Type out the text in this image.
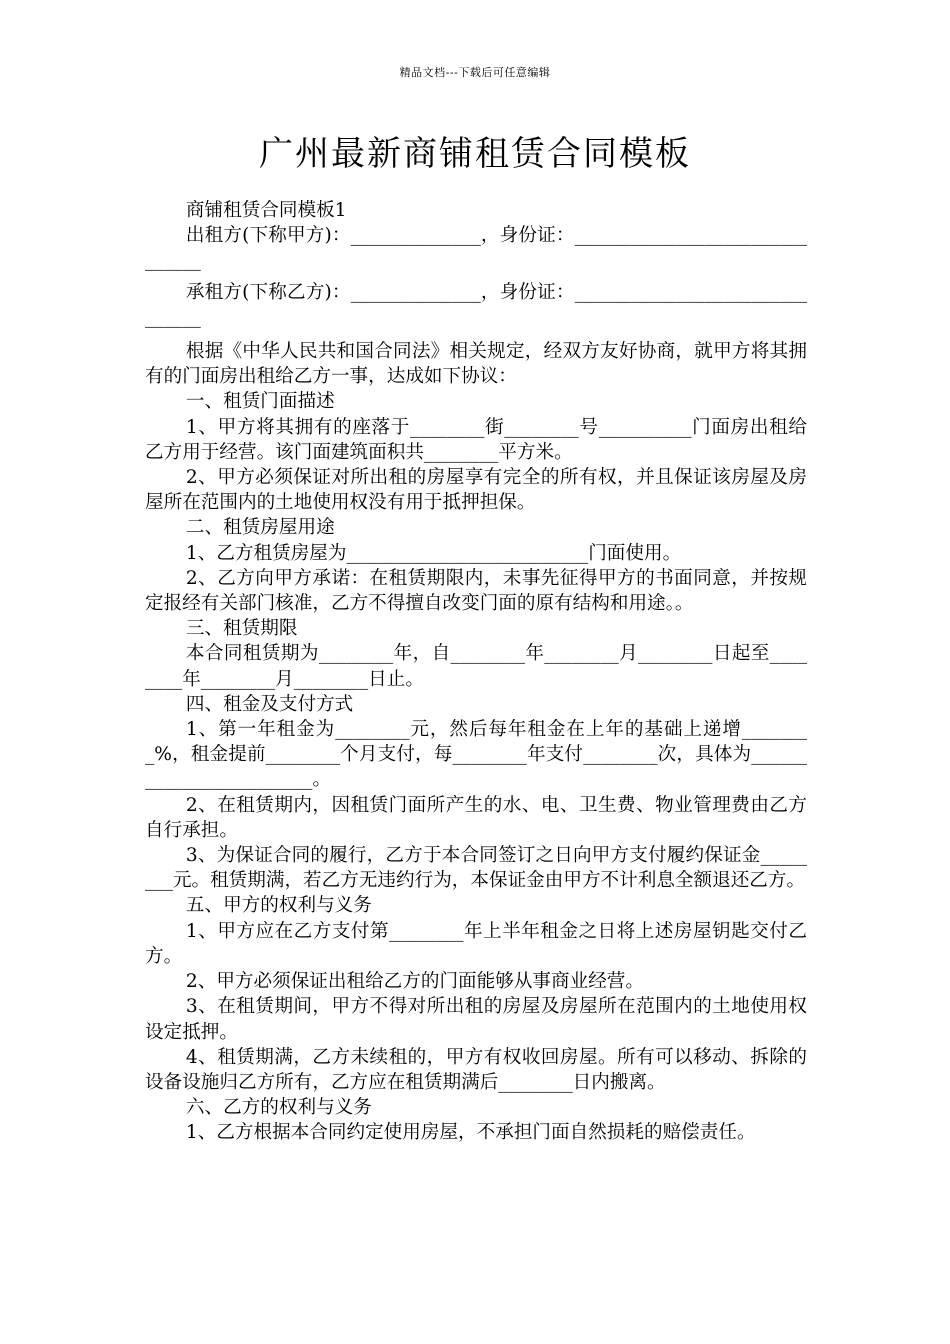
精品文档---下载后可任意编辑
广州最新商铺租赁合同模板

商铺租赁合同模板1

出租方(下称甲方)：______________，身份证：_______________________________

承租方(下称乙方)：______________，身份证：_______________________________

根据《中华人民共和国合同法》相关规定，经双方友好协商，就甲方将其拥有的门面房出租给乙方一事，达成如下协议：

一、租赁门面描述

1、甲方将其拥有的座落于________街________号__________门面房出租给乙方用于经营。该门面建筑面积共________平方米。

2、甲方必须保证对所出租的房屋享有完全的所有权，并且保证该房屋及房屋所在范围内的土地使用权没有用于抵押担保。

二、租赁房屋用途

1、乙方租赁房屋为__________________________门面使用。

2、乙方向甲方承诺：在租赁期限内，未事先征得甲方的书面同意，并按规定报经有关部门核准，乙方不得擅自改变门面的原有结构和用途。。

三、租赁期限

本合同租赁期为________年，自________年________月________日起至________年________月________日止。

四、租金及支付方式

1、第一年租金为________元，然后每年租金在上年的基础上递增________%，租金提前________个月支付，每________年支付________次，具体为________________________。

2、在租赁期内，因租赁门面所产生的水、电、卫生费、物业管理费由乙方自行承担。

3、为保证合同的履行，乙方于本合同签订之日向甲方支付履约保证金________元。租赁期满，若乙方无违约行为，本保证金由甲方不计利息全额退还乙方。

五、甲方的权利与义务

1、甲方应在乙方支付第________年上半年租金之日将上述房屋钥匙交付乙方。

2、甲方必须保证出租给乙方的门面能够从事商业经营。

3、在租赁期间，甲方不得对所出租的房屋及房屋所在范围内的土地使用权设定抵押。

4、租赁期满，乙方未续租的，甲方有权收回房屋。所有可以移动、拆除的设备设施归乙方所有，乙方应在租赁期满后________日内搬离。

六、乙方的权利与义务

1、乙方根据本合同约定使用房屋，不承担门面自然损耗的赔偿责任。
